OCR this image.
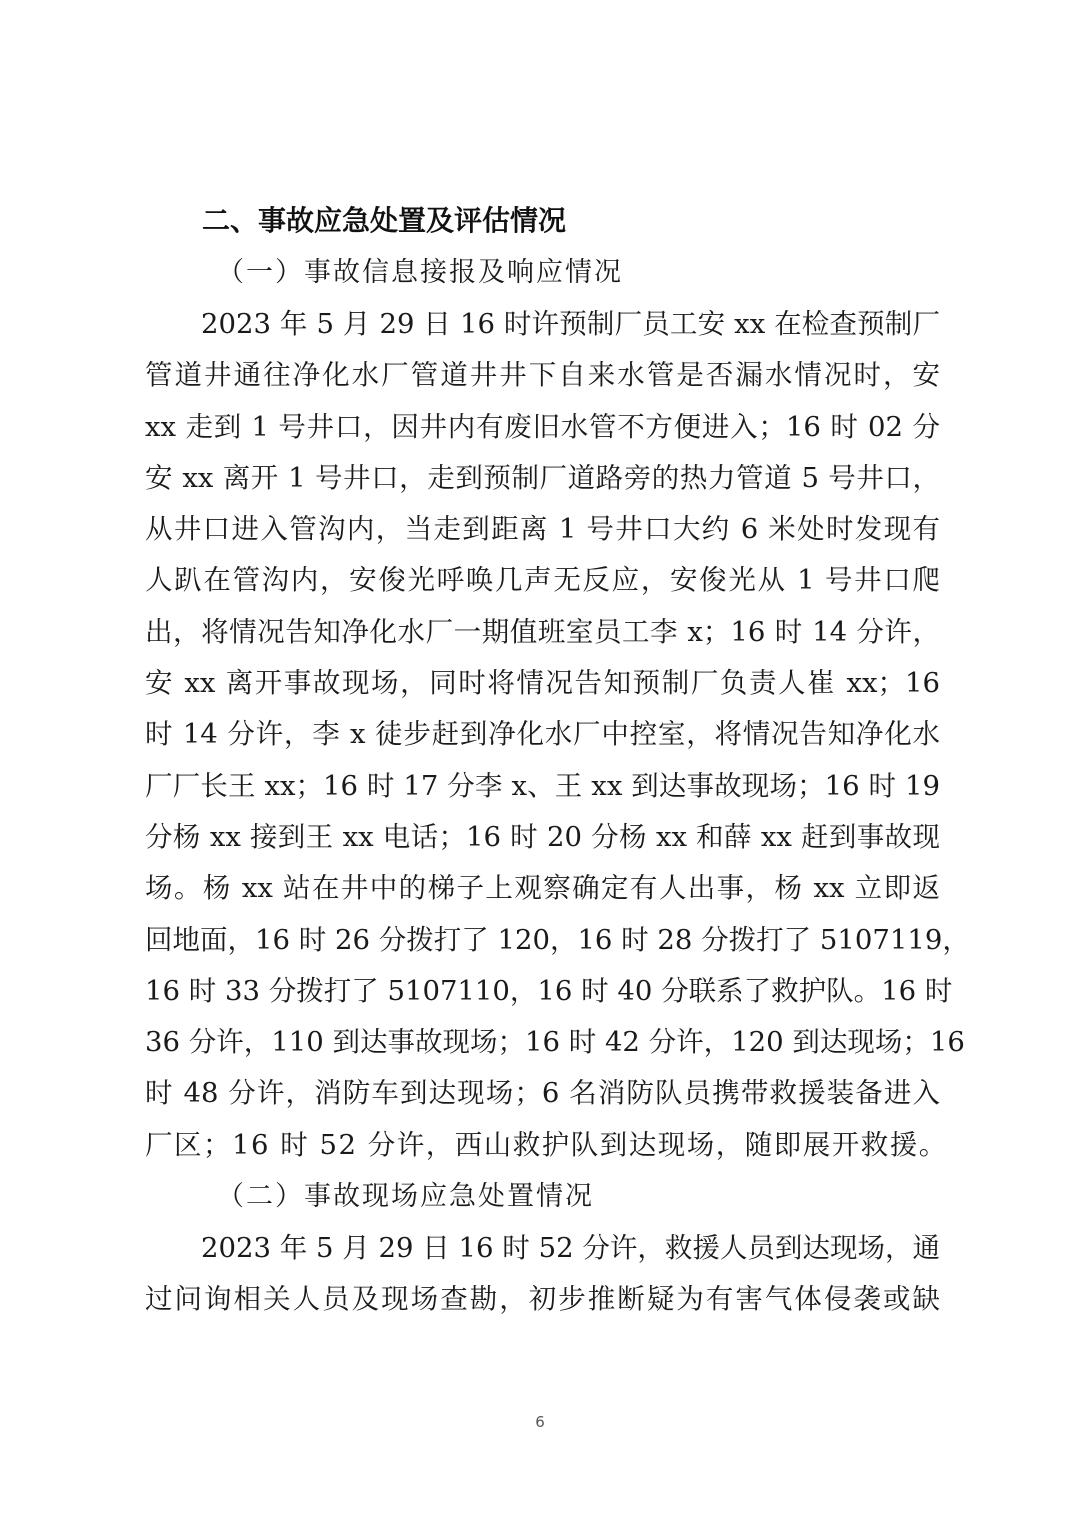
二、事故应急处置及评估情况

（一）事故信息接报及响应情况

2023 年 5 月 29 日 16 时许预制厂员工安 xx 在检查预制厂

管道井通往净化水厂管道井井下自来水管是否漏水情况时，安

xx 走到 1 号井口，因井内有废旧水管不方便进入；16 时 02 分

安 xx 离开 1 号井口，走到预制厂道路旁的热力管道 5 号井口，

从井口进入管沟内，当走到距离 1 号井口大约 6 米处时发现有

人趴在管沟内，安俊光呼唤几声无反应，安俊光从 1 号井口爬

出，将情况告知净化水厂一期值班室员工李 x；16 时 14 分许，

安 xx 离开事故现场，同时将情况告知预制厂负责人崔 xx；16

时 14 分许，李 x 徒步赶到净化水厂中控室，将情况告知净化水

厂厂长王 xx；16 时 17 分李 x、王 xx 到达事故现场；16 时 19

分杨 xx 接到王 xx 电话；16 时 20 分杨 xx 和薛 xx 赶到事故现

场。杨 xx 站在井中的梯子上观察确定有人出事，杨 xx 立即返

回地面，16 时 26 分拨打了 120，16 时 28 分拨打了 5107119，

16 时 33 分拨打了 5107110，16 时 40 分联系了救护队。16 时

36 分许，110 到达事故现场；16 时 42 分许，120 到达现场；16

时 48 分许，消防车到达现场；6 名消防队员携带救援装备进入

厂区；16 时 52 分许，西山救护队到达现场，随即展开救援。

（二）事故现场应急处置情况

2023 年 5 月 29 日 16 时 52 分许，救援人员到达现场，通

过问询相关人员及现场查勘，初步推断疑为有害气体侵袭或缺

6
